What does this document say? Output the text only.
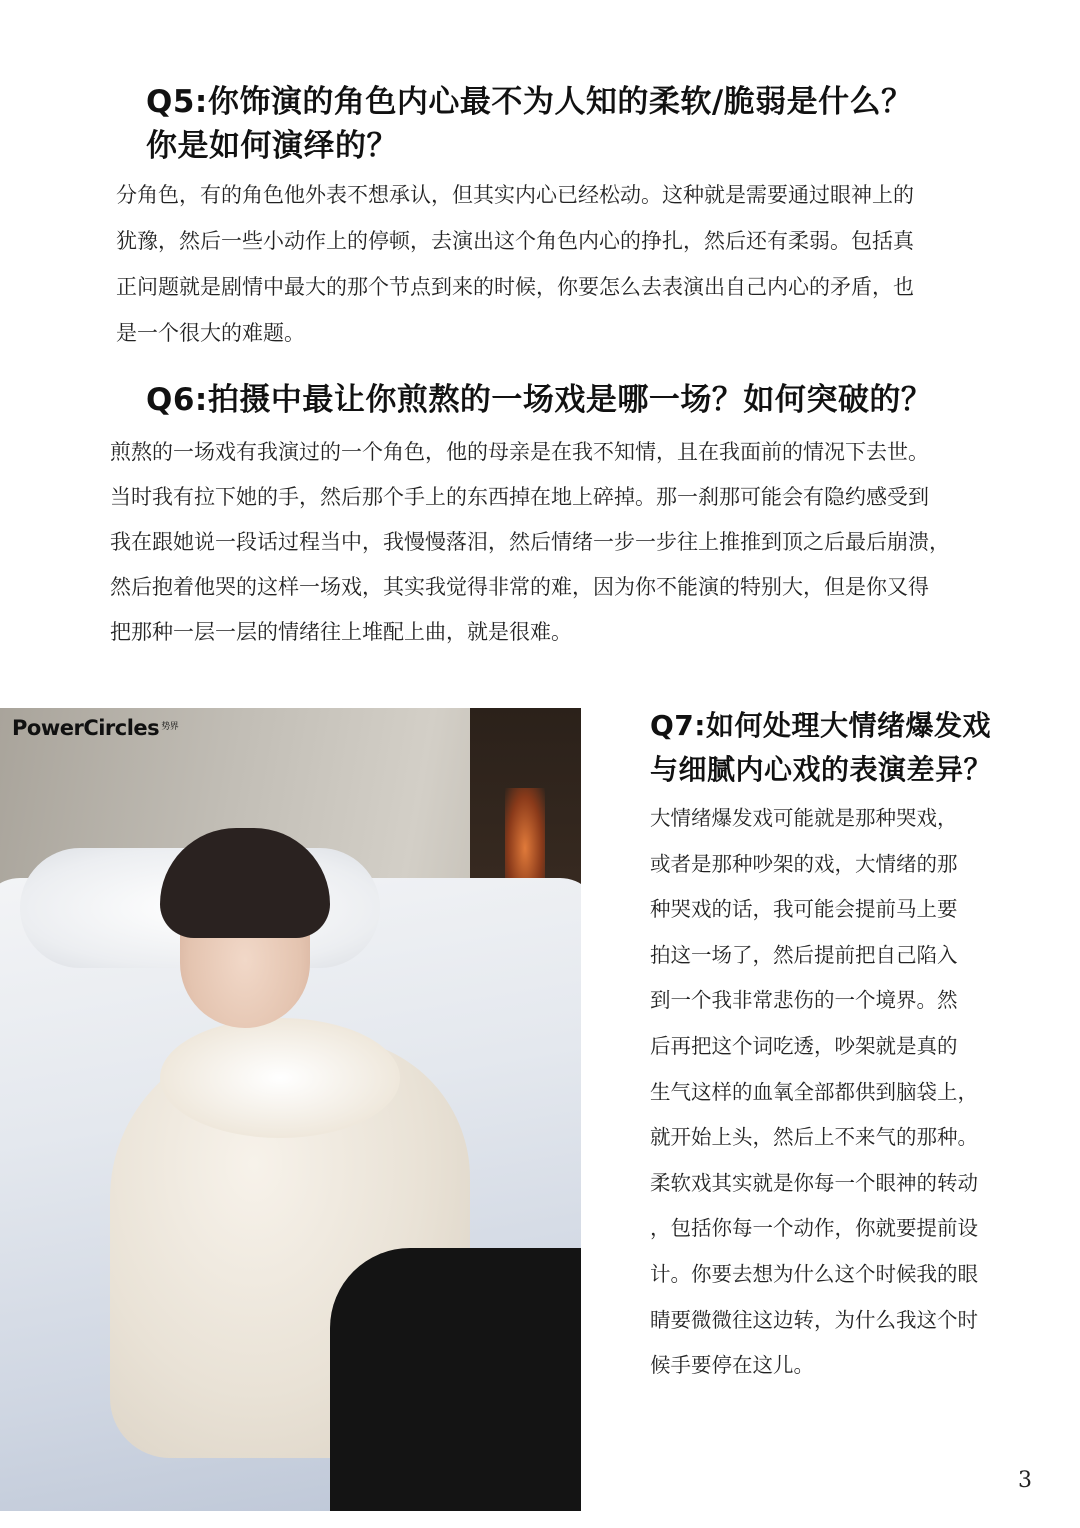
Q5:你饰演的角色内心最不为人知的柔软/脆弱是什么？
你是如何演绎的？
分角色，有的角色他外表不想承认，但其实内心已经松动。这种就是需要通过眼神上的
犹豫，然后一些小动作上的停顿，去演出这个角色内心的挣扎，然后还有柔弱。包括真
正问题就是剧情中最大的那个节点到来的时候，你要怎么去表演出自己内心的矛盾，也
是一个很大的难题。
Q6:拍摄中最让你煎熬的一场戏是哪一场？如何突破的？
煎熬的一场戏有我演过的一个角色，他的母亲是在我不知情，且在我面前的情况下去世。
当时我有拉下她的手，然后那个手上的东西掉在地上碎掉。那一刹那可能会有隐约感受到
我在跟她说一段话过程当中，我慢慢落泪，然后情绪一步一步往上推推到顶之后最后崩溃，
然后抱着他哭的这样一场戏，其实我觉得非常的难，因为你不能演的特别大，但是你又得
把那种一层一层的情绪往上堆配上曲，就是很难。
PowerCircles $^{势界}$	Q7:如何处理大情绪爆发戏
与细腻内心戏的表演差异？
大情绪爆发戏可能就是那种哭戏，
或者是那种吵架的戏，大情绪的那
种哭戏的话，我可能会提前马上要
拍这一场了，然后提前把自己陷入
到一个我非常悲伤的一个境界。然
后再把这个词吃透，吵架就是真的
生气这样的血氧全部都供到脑袋上，
就开始上头，然后上不来气的那种。
柔软戏其实就是你每一个眼神的转动
，包括你每一个动作，你就要提前设
计。你要去想为什么这个时候我的眼
睛要微微往这边转，为什么我这个时
候手要停在这儿。
3
